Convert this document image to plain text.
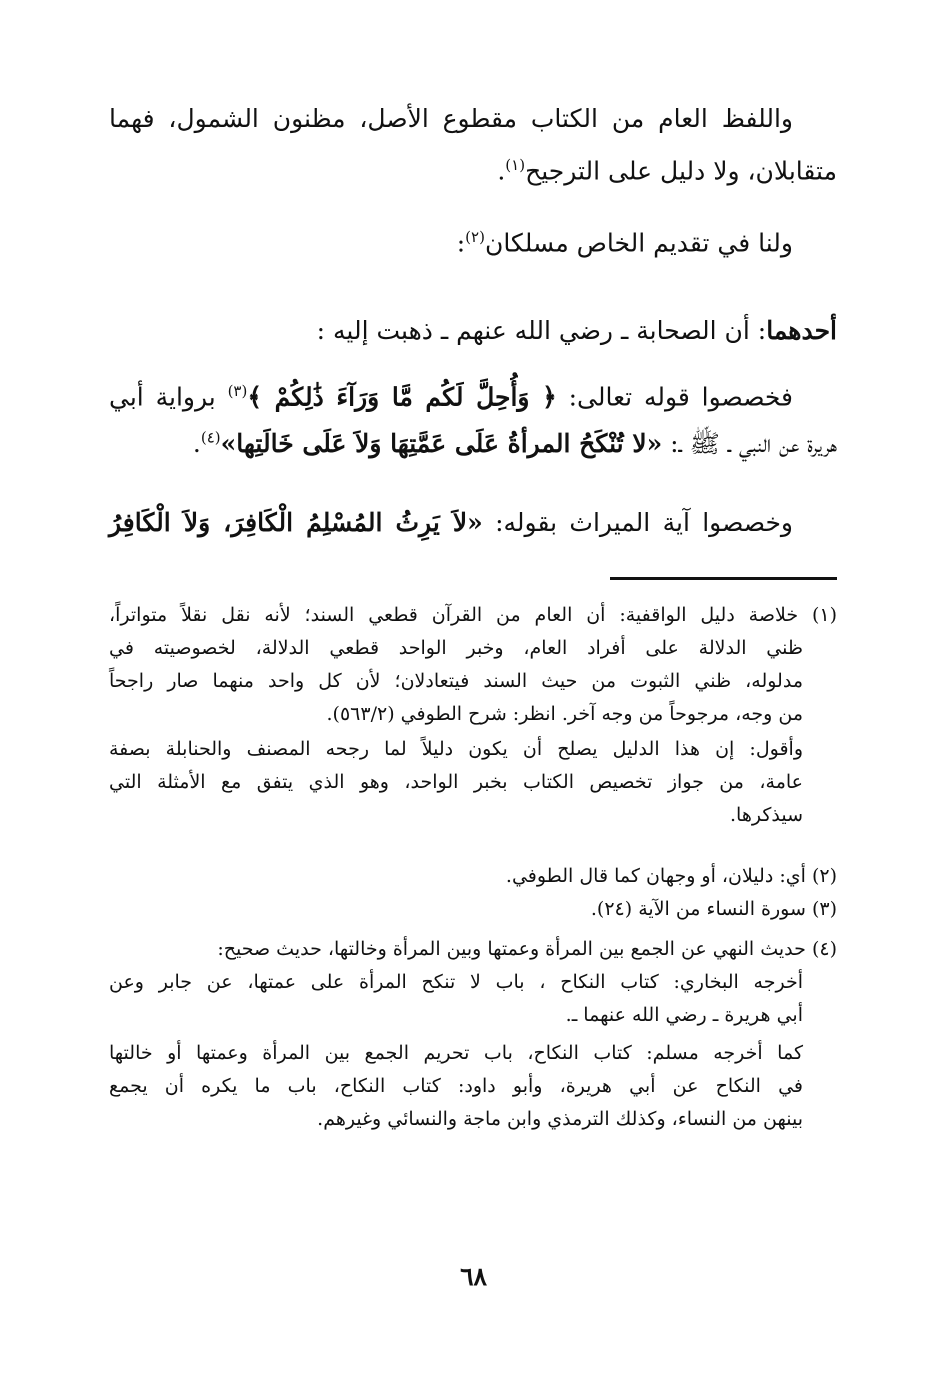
واللفظ العام من الكتاب مقطوع الأصل، مظنون الشمول، فهما
متقابلان، ولا دليل على الترجيح$^{(١)}$.
ولنا في تقديم الخاص مسلكان$^{(٢)}$:
أحدهما: أن الصحابة ـ رضي الله عنهم ـ ذهبت إليه :
فخصصوا قوله تعالى: ﴿ وَأُحِلَّ لَكُم مَّا وَرَآءَ ذَٰلِكُمْ ﴾$^{(٣)}$ برواية أبي
هريرة عن النبي ـ ﷺ ـ: «لا تُنْكَحُ المرأةُ عَلَى عَمَّتِهَا وَلاَ عَلَى خَالَتِها»$^{(٤)}$.
وخصصوا آية الميراث بقوله: «لاَ يَرِثُ المُسْلِمُ الْكَافِرَ، وَلاَ الْكَافِرُ
(١) خلاصة دليل الواقفية: أن العام من القرآن قطعي السند؛ لأنه نقل نقلاً متواتراً،
ظني الدلالة على أفراد العام، وخبر الواحد قطعي الدلالة، لخصوصيته في
مدلوله، ظني الثبوت من حيث السند فيتعادلان؛ لأن كل واحد منهما صار راجحاً
من وجه، مرجوحاً من وجه آخر. انظر: شرح الطوفي (٥٦٣/٢).
وأقول: إن هذا الدليل يصلح أن يكون دليلاً لما رجحه المصنف والحنابلة بصفة
عامة، من جواز تخصيص الكتاب بخبر الواحد، وهو الذي يتفق مع الأمثلة التي
سيذكرها.
(٢) أي: دليلان، أو وجهان كما قال الطوفي.
(٣) سورة النساء من الآية (٢٤).
(٤) حديث النهي عن الجمع بين المرأة وعمتها وبين المرأة وخالتها، حديث صحيح:
أخرجه البخاري: كتاب النكاح ، باب لا تنكح المرأة على عمتها، عن جابر وعن
أبي هريرة ـ رضي الله عنهما ـ.
كما أخرجه مسلم: كتاب النكاح، باب تحريم الجمع بين المرأة وعمتها أو خالتها
في النكاح عن أبي هريرة، وأبو داود: كتاب النكاح، باب ما يكره أن يجمع
بينهن من النساء، وكذلك الترمذي وابن ماجة والنسائي وغيرهم.
٦٨
